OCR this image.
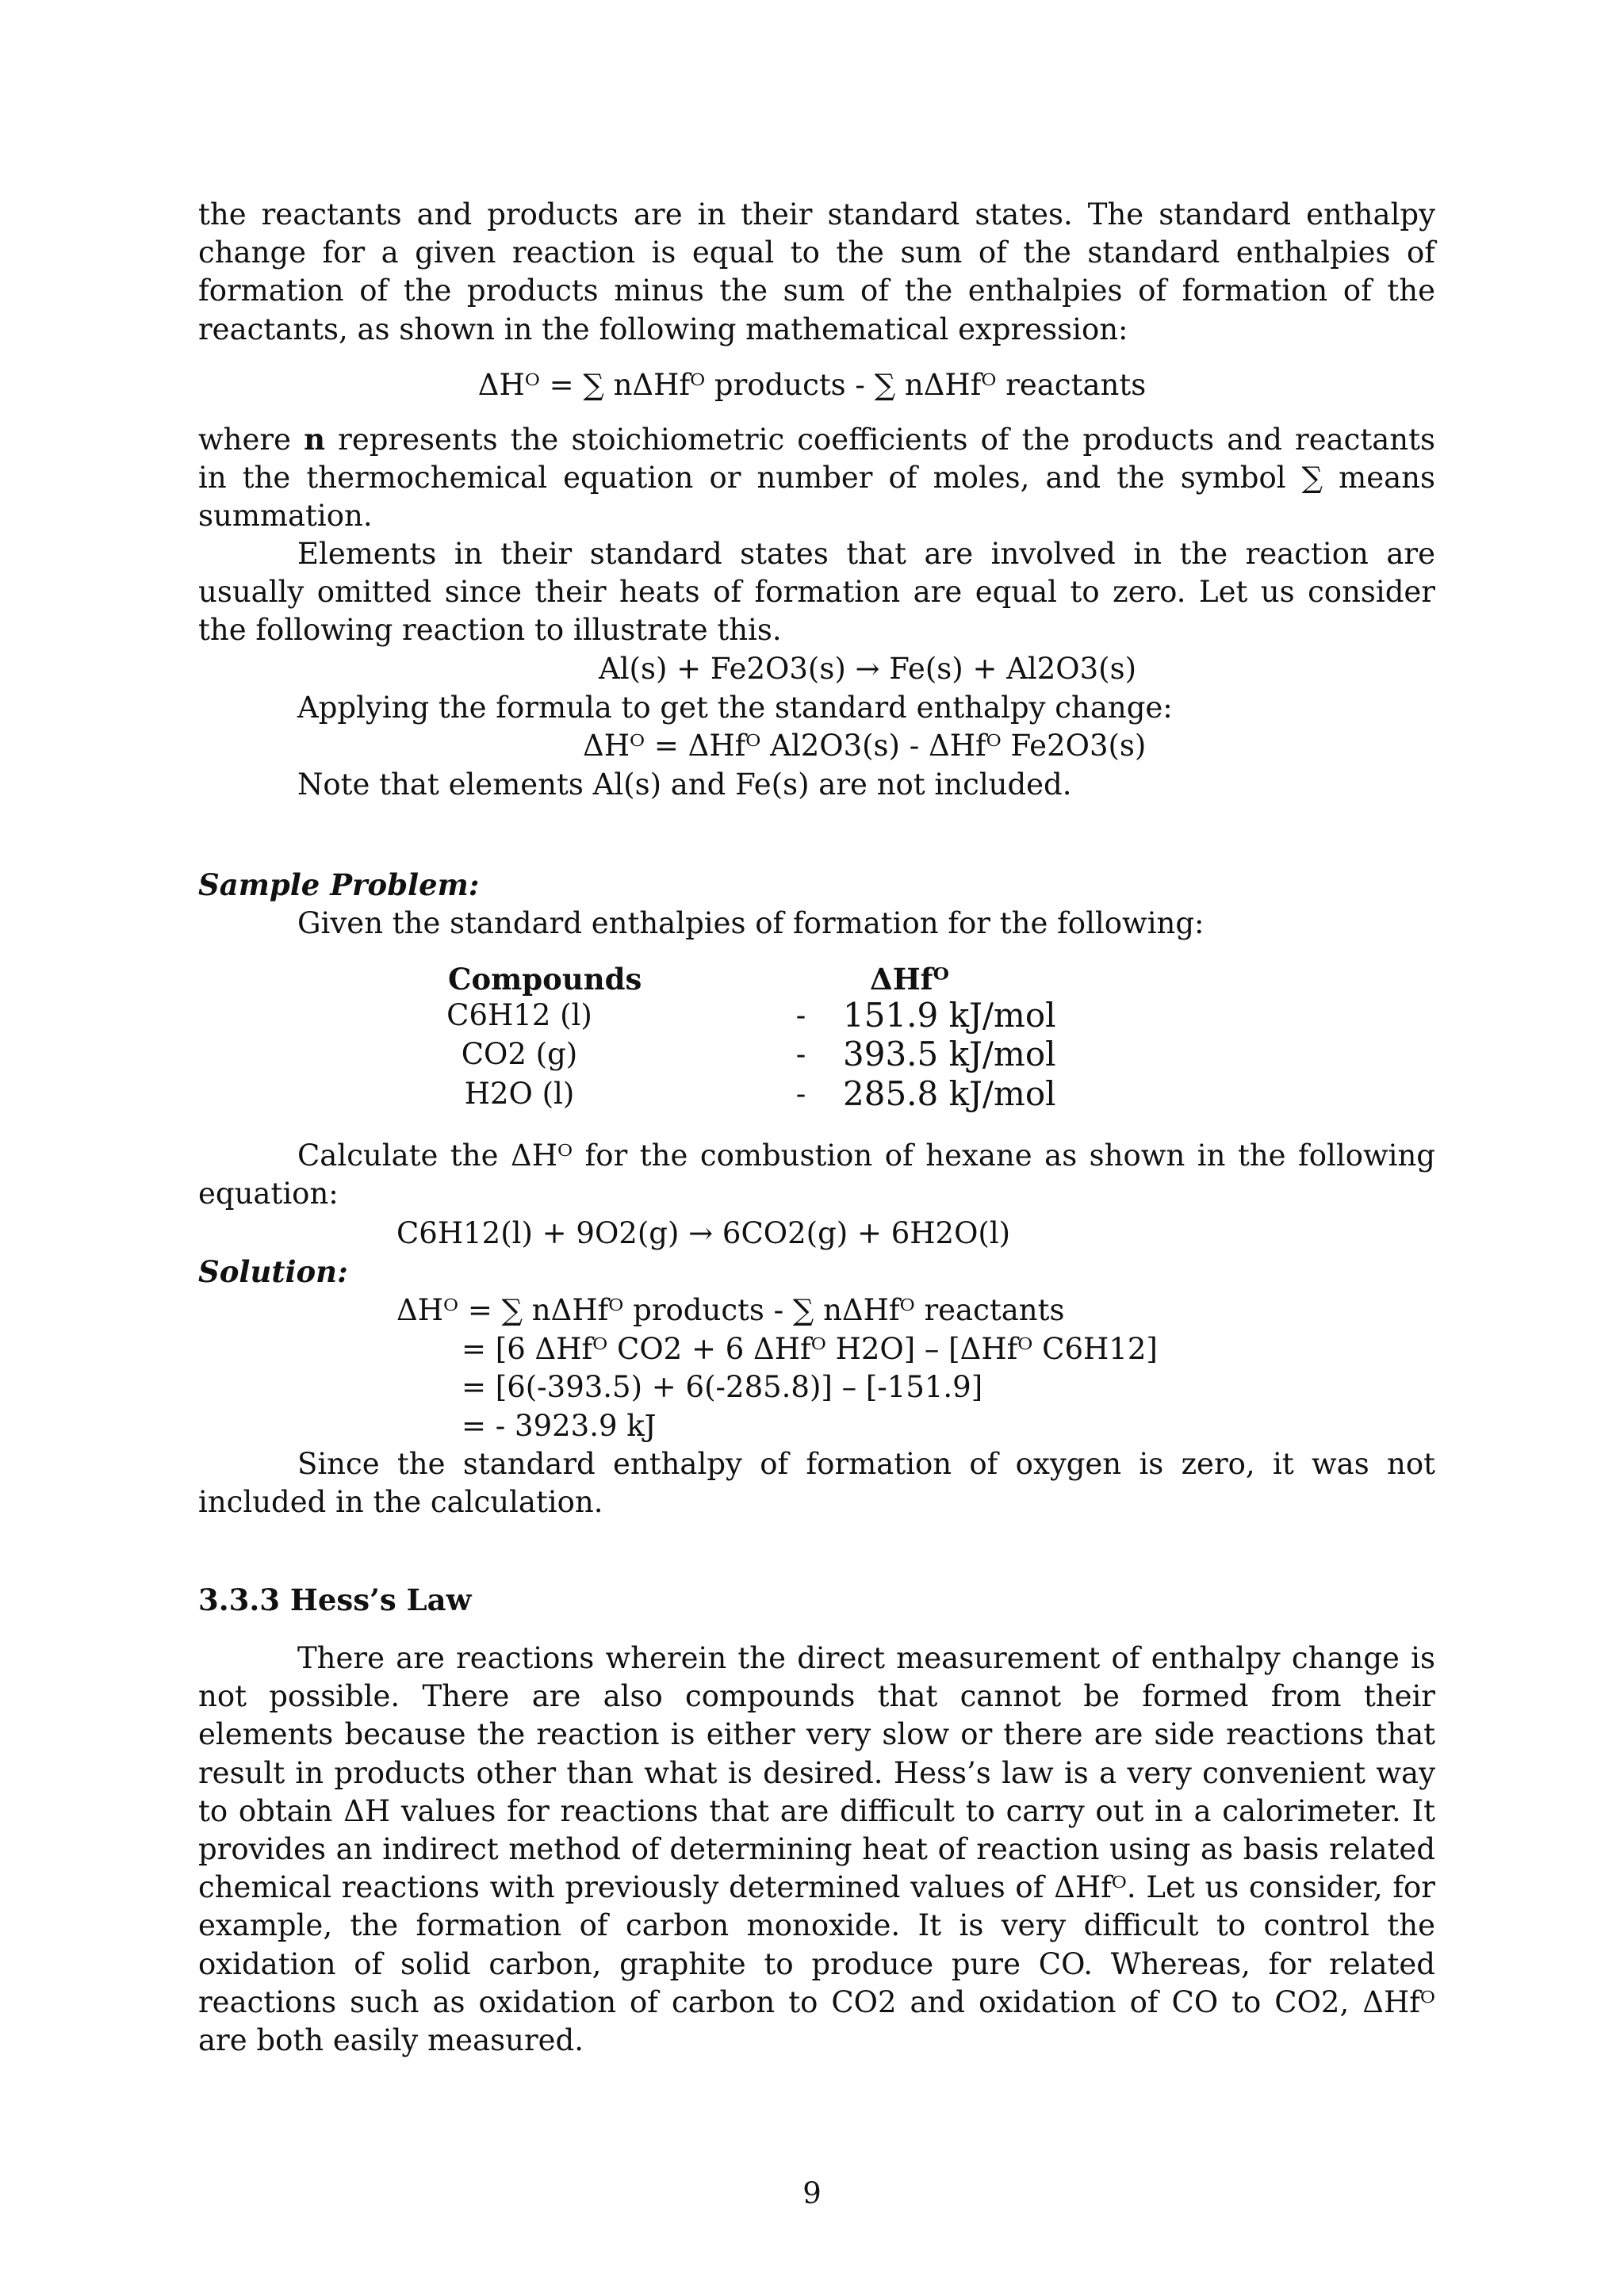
the reactants and products are in their standard states. The standard enthalpy change for a given reaction is equal to the sum of the standard enthalpies of formation of the products minus the sum of the enthalpies of formation of the reactants, as shown in the following mathematical expression:
ΔHᴼ = ∑ nΔHfᴼ products - ∑ nΔHfᴼ reactants
where n represents the stoichiometric coefficients of the products and reactants in the thermochemical equation or number of moles, and the symbol ∑ means summation.
Elements in their standard states that are involved in the reaction are usually omitted since their heats of formation are equal to zero. Let us consider the following reaction to illustrate this.
Al(s) + Fe2O3(s) → Fe(s) + Al2O3(s)
Applying the formula to get the standard enthalpy change:
ΔHᴼ = ΔHfᴼ Al2O3(s) - ΔHfᴼ Fe2O3(s)
Note that elements Al(s) and Fe(s) are not included.
Sample Problem:
Given the standard enthalpies of formation for the following:
Compounds	ΔHfᴼ
C6H12 (l)	-	151.9 kJ/mol
CO2 (g)	-	393.5 kJ/mol
H2O (l)	-	285.8 kJ/mol
Calculate the ΔHᴼ for the combustion of hexane as shown in the following equation:
C6H12(l) + 9O2(g) → 6CO2(g) + 6H2O(l)
Solution:
ΔHᴼ = ∑ nΔHfᴼ products - ∑ nΔHfᴼ reactants
= [6 ΔHfᴼ CO2 + 6 ΔHfᴼ H2O] – [ΔHfᴼ C6H12]
= [6(-393.5) + 6(-285.8)] – [-151.9]
= - 3923.9 kJ
Since the standard enthalpy of formation of oxygen is zero, it was not included in the calculation.
3.3.3 Hess’s Law
There are reactions wherein the direct measurement of enthalpy change is not possible. There are also compounds that cannot be formed from their elements because the reaction is either very slow or there are side reactions that result in products other than what is desired. Hess’s law is a very convenient way to obtain ΔH values for reactions that are difficult to carry out in a calorimeter. It provides an indirect method of determining heat of reaction using as basis related chemical reactions with previously determined values of ΔHfᴼ. Let us consider, for example, the formation of carbon monoxide. It is very difficult to control the oxidation of solid carbon, graphite to produce pure CO. Whereas, for related reactions such as oxidation of carbon to CO2 and oxidation of CO to CO2, ΔHfᴼ are both easily measured.
9
